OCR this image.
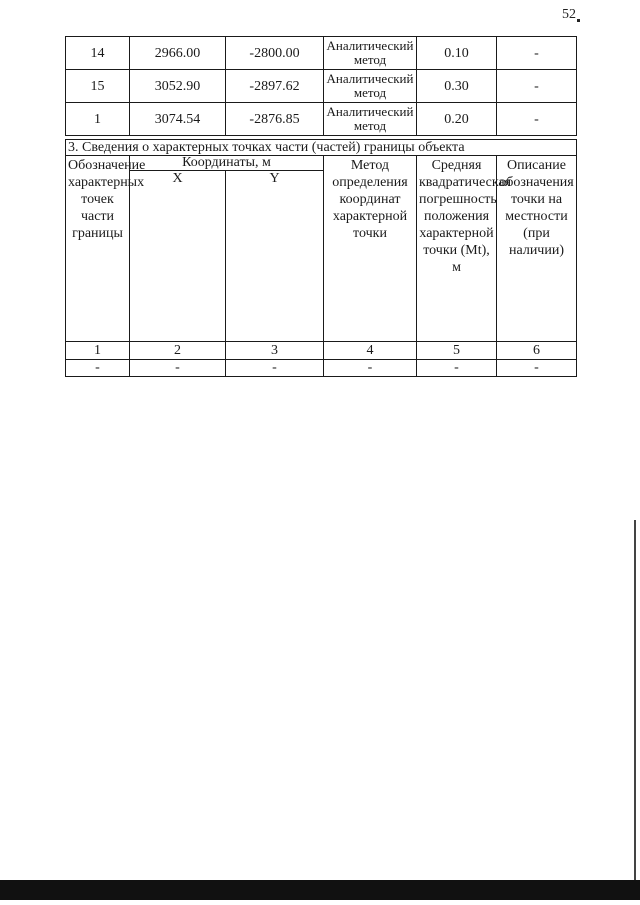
52
14	2966.00	-2800.00	Аналитический метод	0.10	-
15	3052.90	-2897.62	Аналитический метод	0.30	-
1	3074.54	-2876.85	Аналитический метод	0.20	-
3. Сведения о характерных точках части (частей) границы объекта					
Обозначение характерных точек части границы	Координаты, м		Метод определения координат характерной точки	Средняя квадратическая погрешность положения характерной точки (Mt), м	Описание обозначения точки на местности (при наличии)
	X	Y			

1	2	3	4	5	6
-	-	-	-	-	-
